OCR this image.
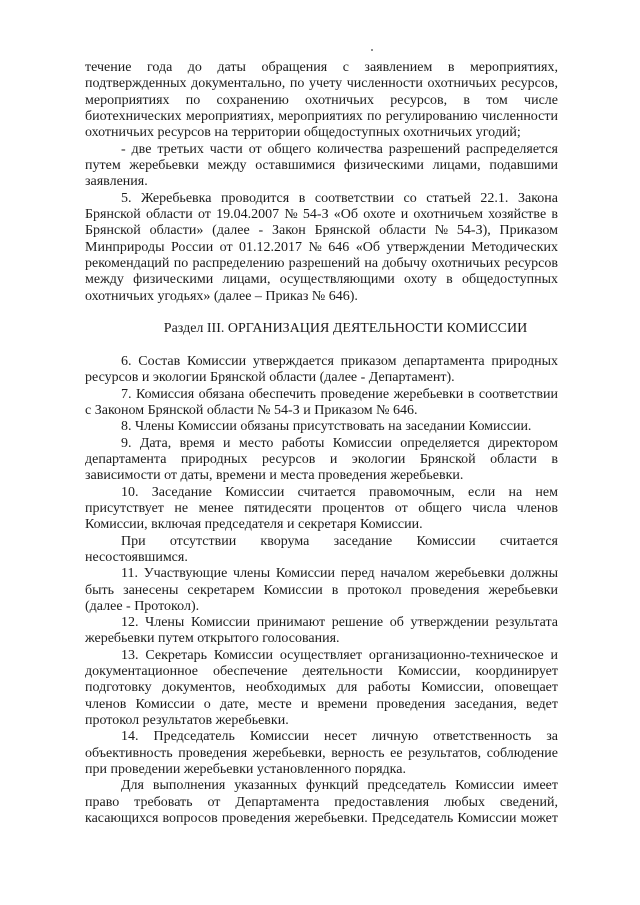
течение года до даты обращения с заявлением в мероприятиях,
подтвержденных документально, по учету численности охотничьих ресурсов,
мероприятиях по сохранению охотничьих ресурсов, в том числе
биотехнических мероприятиях, мероприятиях по регулированию численности
охотничьих ресурсов на территории общедоступных охотничьих угодий;
- две третьих части от общего количества разрешений распределяется
путем жеребьевки между оставшимися физическими лицами, подавшими
заявления.
5. Жеребьевка проводится в соответствии со статьей 22.1. Закона
Брянской области от 19.04.2007 № 54-З «Об охоте и охотничьем хозяйстве в
Брянской области» (далее - Закон Брянской области № 54-З), Приказом
Минприроды России от 01.12.2017 № 646 «Об утверждении Методических
рекомендаций по распределению разрешений на добычу охотничьих ресурсов
между физическими лицами, осуществляющими охоту в общедоступных
охотничьих угодьях» (далее – Приказ № 646).
Раздел III. ОРГАНИЗАЦИЯ ДЕЯТЕЛЬНОСТИ КОМИССИИ
6. Состав Комиссии утверждается приказом департамента природных
ресурсов и экологии Брянской области (далее - Департамент).
7. Комиссия обязана обеспечить проведение жеребьевки в соответствии
с Законом Брянской области № 54-З и Приказом № 646.
8. Члены Комиссии обязаны присутствовать на заседании Комиссии.
9. Дата, время и место работы Комиссии определяется директором
департамента природных ресурсов и экологии Брянской области в
зависимости от даты, времени и места проведения жеребьевки.
10. Заседание Комиссии считается правомочным, если на нем
присутствует не менее пятидесяти процентов от общего числа членов
Комиссии, включая председателя и секретаря Комиссии.
При отсутствии кворума заседание Комиссии считается
несостоявшимся.
11. Участвующие члены Комиссии перед началом жеребьевки должны
быть занесены секретарем Комиссии в протокол проведения жеребьевки
(далее - Протокол).
12. Члены Комиссии принимают решение об утверждении результата
жеребьевки путем открытого голосования.
13. Секретарь Комиссии осуществляет организационно-техническое и
документационное обеспечение деятельности Комиссии, координирует
подготовку документов, необходимых для работы Комиссии, оповещает
членов Комиссии о дате, месте и времени проведения заседания, ведет
протокол результатов жеребьевки.
14. Председатель Комиссии несет личную ответственность за
объективность проведения жеребьевки, верность ее результатов, соблюдение
при проведении жеребьевки установленного порядка.
Для выполнения указанных функций председатель Комиссии имеет
право требовать от Департамента предоставления любых сведений,
касающихся вопросов проведения жеребьевки. Председатель Комиссии может
